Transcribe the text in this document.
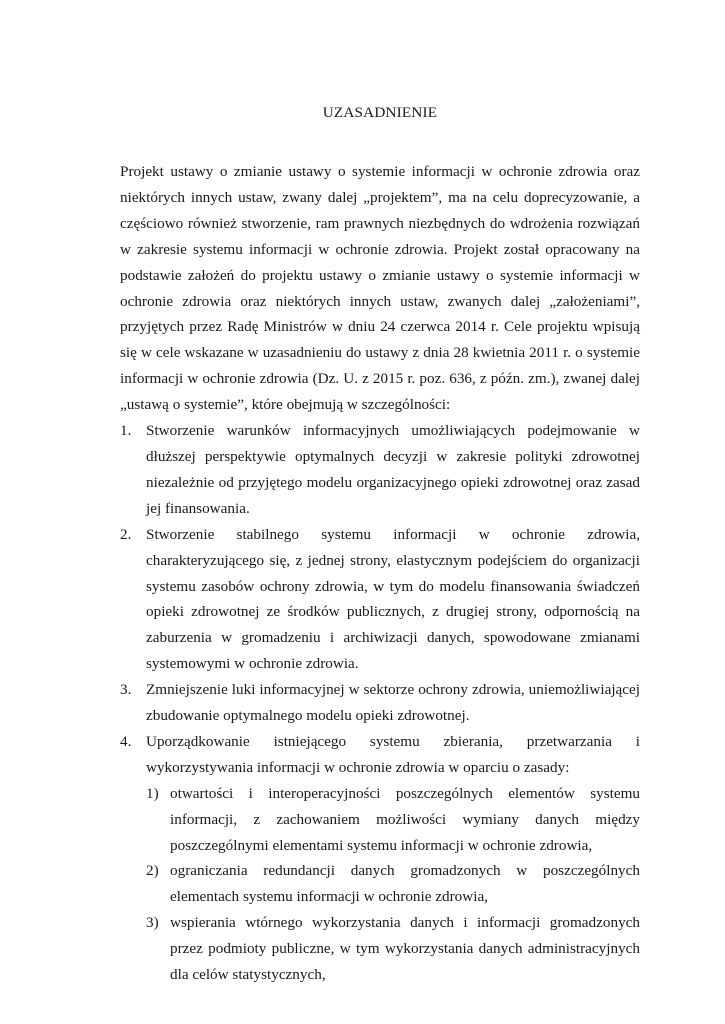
UZASADNIENIE

Projekt ustawy o zmianie ustawy o systemie informacji w ochronie zdrowia oraz niektórych innych ustaw, zwany dalej „projektem”, ma na celu doprecyzowanie, a częściowo również stworzenie, ram prawnych niezbędnych do wdrożenia rozwiązań w zakresie systemu informacji w ochronie zdrowia. Projekt został opracowany na podstawie założeń do projektu ustawy o zmianie ustawy o systemie informacji w ochronie zdrowia oraz niektórych innych ustaw, zwanych dalej „założeniami”, przyjętych przez Radę Ministrów w dniu 24 czerwca 2014 r. Cele projektu wpisują się w cele wskazane w uzasadnieniu do ustawy z dnia 28 kwietnia 2011 r. o systemie informacji w ochronie zdrowia (Dz. U. z 2015 r. poz. 636, z późn. zm.), zwanej dalej „ustawą o systemie”, które obejmują w szczególności:

1. Stworzenie warunków informacyjnych umożliwiających podejmowanie w dłuższej perspektywie optymalnych decyzji w zakresie polityki zdrowotnej niezależnie od przyjętego modelu organizacyjnego opieki zdrowotnej oraz zasad jej finansowania.
2. Stworzenie stabilnego systemu informacji w ochronie zdrowia, charakteryzującego się, z jednej strony, elastycznym podejściem do organizacji systemu zasobów ochrony zdrowia, w tym do modelu finansowania świadczeń opieki zdrowotnej ze środków publicznych, z drugiej strony, odpornością na zaburzenia w gromadzeniu i archiwizacji danych, spowodowane zmianami systemowymi w ochronie zdrowia.
3. Zmniejszenie luki informacyjnej w sektorze ochrony zdrowia, uniemożliwiającej zbudowanie optymalnego modelu opieki zdrowotnej.
4. Uporządkowanie istniejącego systemu zbierania, przetwarzania i wykorzystywania informacji w ochronie zdrowia w oparciu o zasady:
1) otwartości i interoperacyjności poszczególnych elementów systemu informacji, z zachowaniem możliwości wymiany danych między poszczególnymi elementami systemu informacji w ochronie zdrowia,
2) ograniczania redundancji danych gromadzonych w poszczególnych elementach systemu informacji w ochronie zdrowia,
3) wspierania wtórnego wykorzystania danych i informacji gromadzonych przez podmioty publiczne, w tym wykorzystania danych administracyjnych dla celów statystycznych,
